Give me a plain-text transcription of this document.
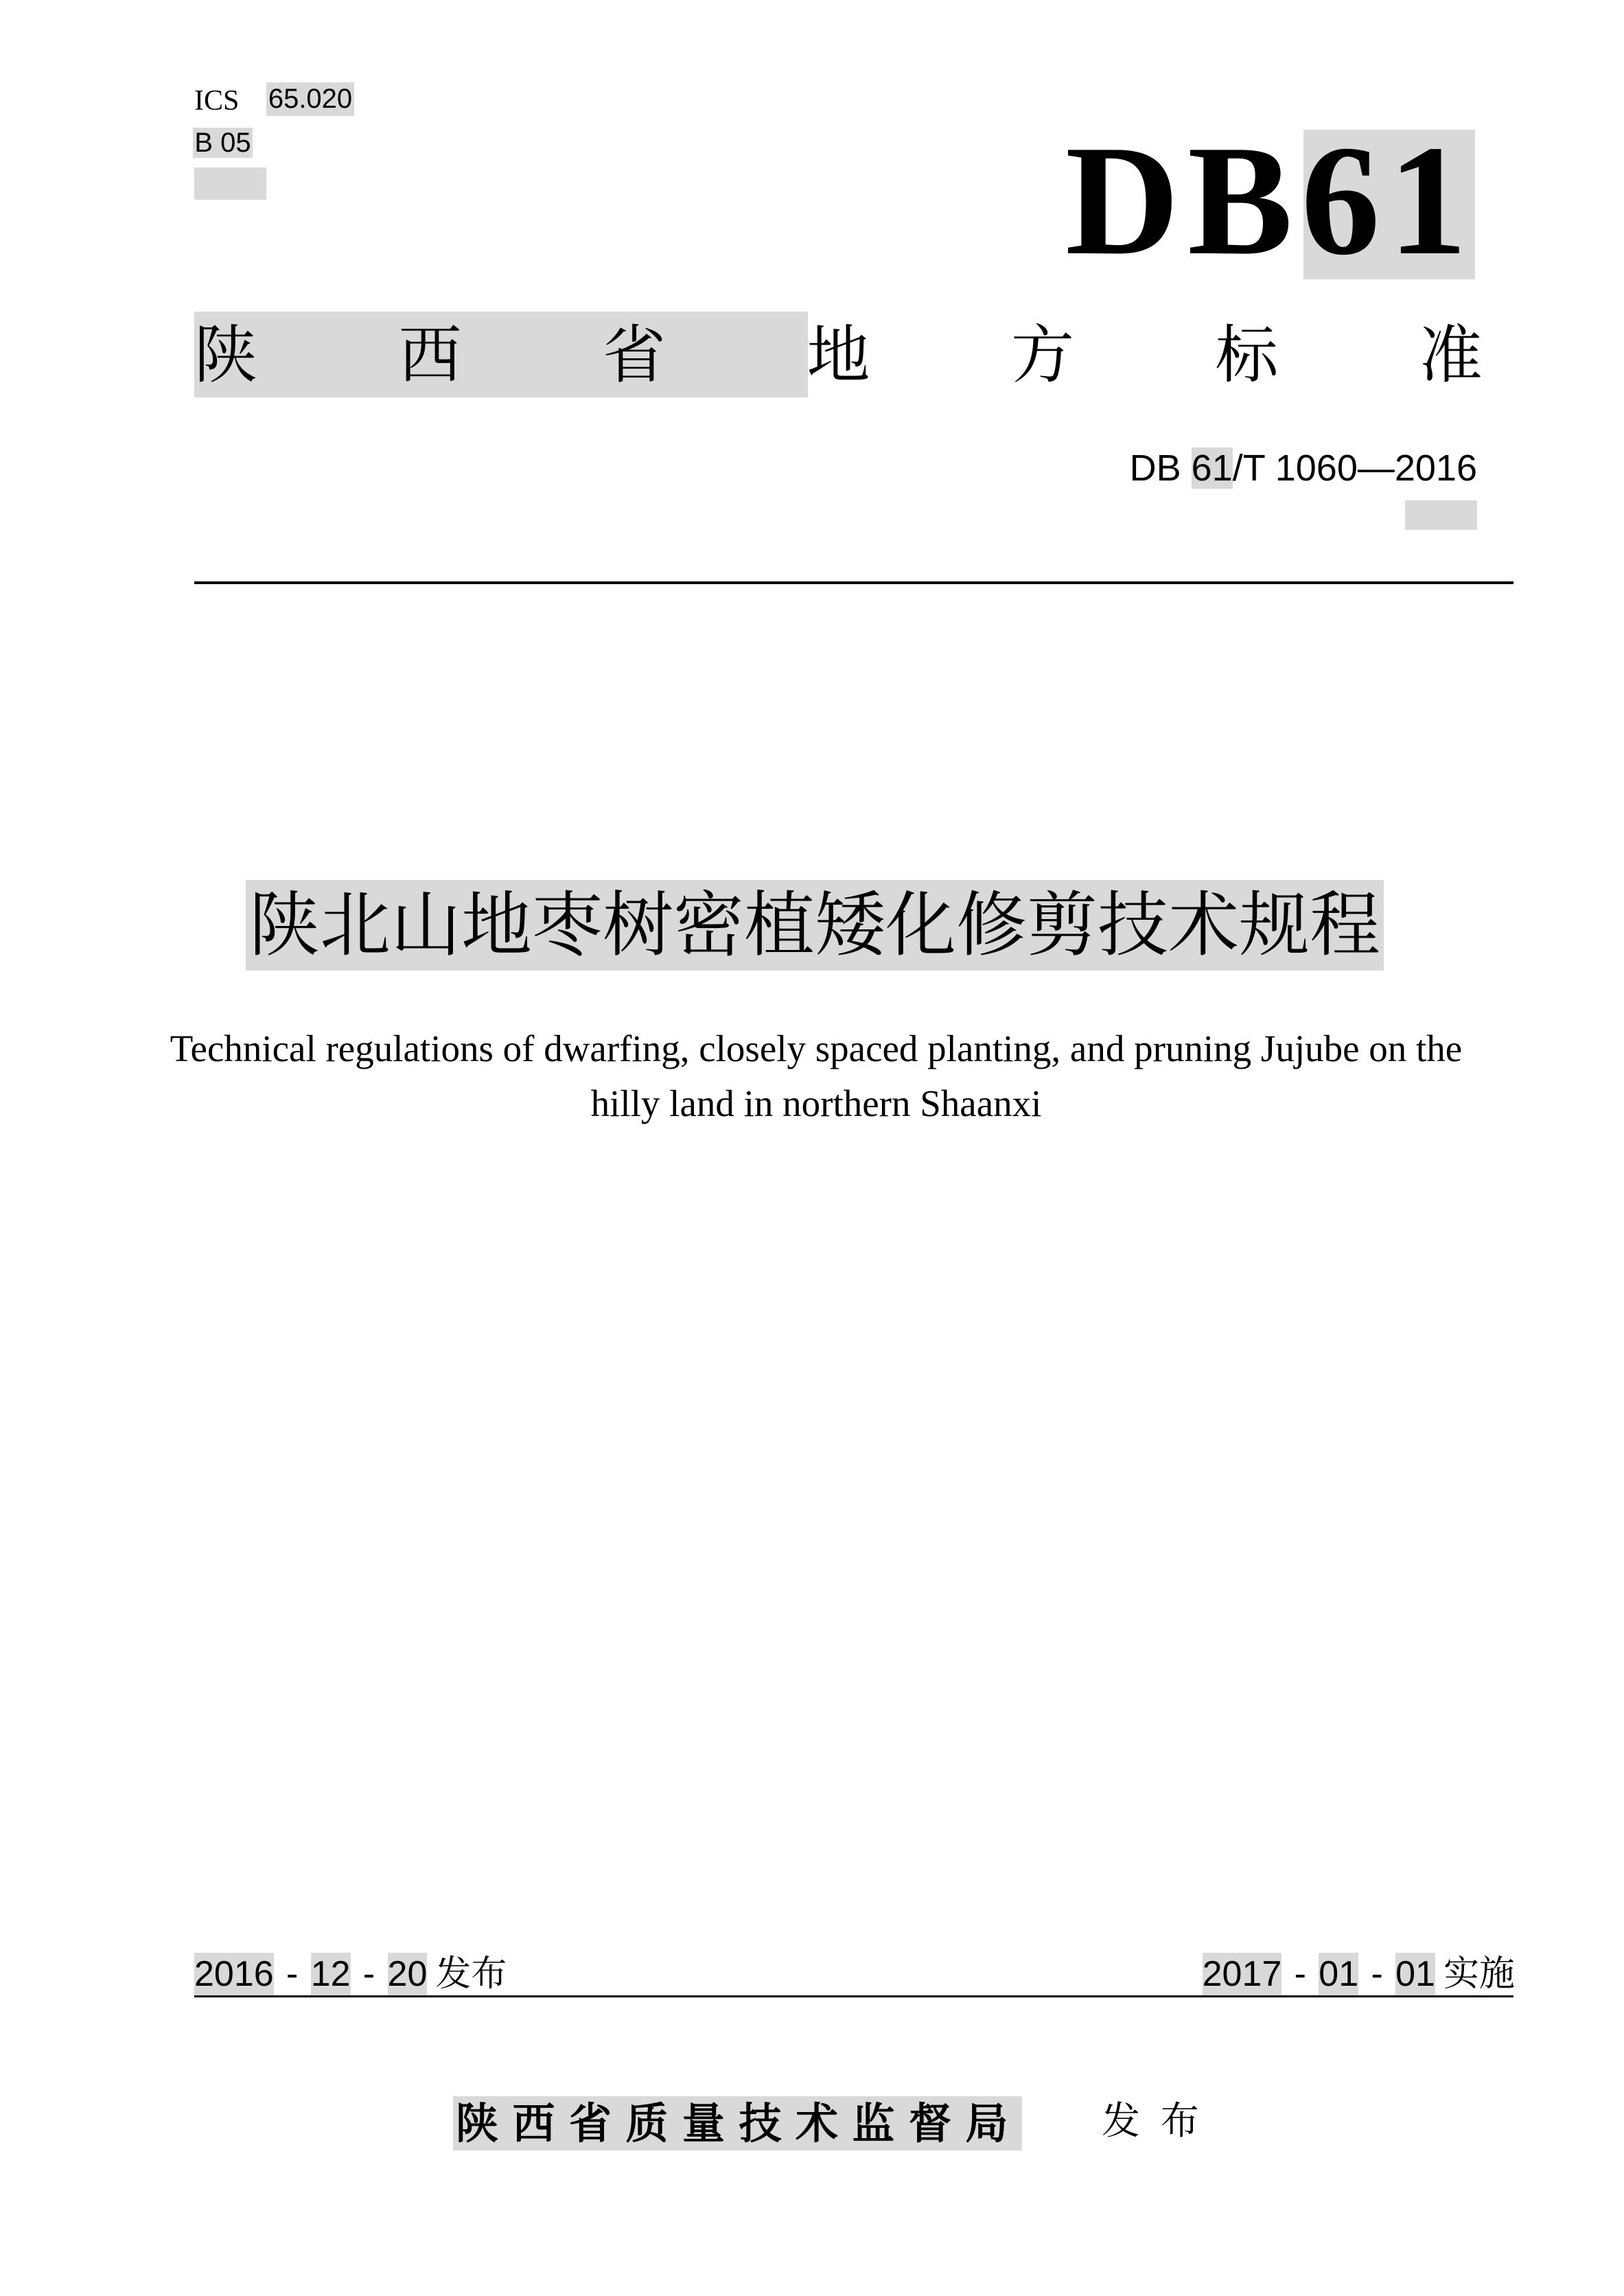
ICS 65.020
B 05	DB 61
陕 西 省 地 方 标 准
DB 61 /T 1060—2016
陕北山地枣树密植矮化修剪技术规程
Technical regulations of dwarfing, closely spaced planting, and pruning Jujube on the
hilly land in northern Shaanxi
2016 - 12 - 20 发布	2017 - 01 - 01 实施
陕西省质量技术监督局 发 布
